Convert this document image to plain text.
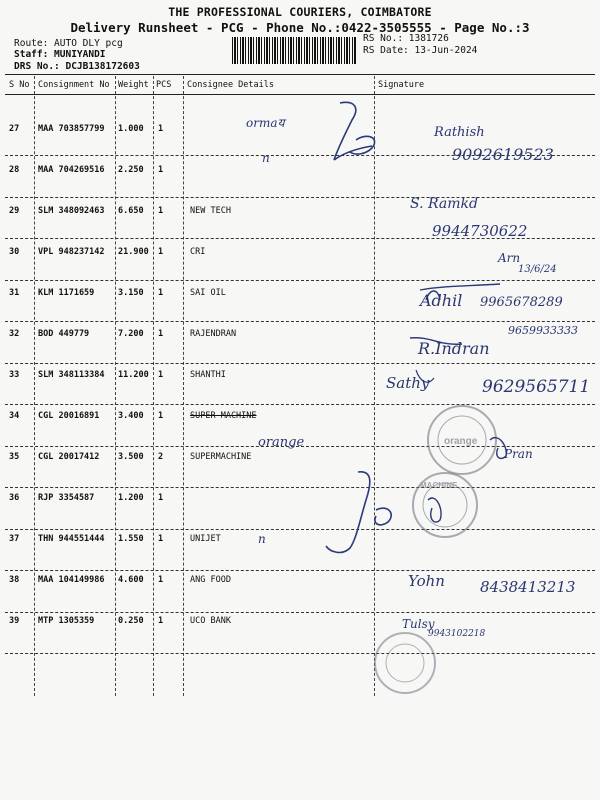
THE PROFESSIONAL COURIERS, COIMBATORE
Delivery Runsheet - PCG - Phone No.:0422-3505555 - Page No.:3
Route: AUTO DLY pcg
Staff: MUNIYANDI
DRS No.: DCJB138172603
RS No.: 1381726
RS Date: 13-Jun-2024
S No Consignment No Weight PCS Consignee Details	Signature
27 MAA 703857799 1.000 1
28 MAA 704269516 2.250 1
29 SLM 348092463 6.650 1	NEW TECH
30 VPL 948237142 21.900 1	CRI
31 KLM 1171659	3.150 1	SAI OIL
32 BOD 449779	7.200 1	RAJENDRAN
33 SLM 348113384 11.200 1	SHANTHI
34 CGL 20016891 3.400 1	SUPER MACHINE
35 CGL 20017412 3.500 2	SUPERMACHINE
36 RJP 3354587	1.200 1
37 THN 944551444 1.550 1	UNIJET
38 MAA 104149986 4.600 1	ANG FOOD
39 MTP 1305359	0.250 1	UCO BANK
orange
MACHINE
ormaय
Rathish
n	9092619523
S. Ramkd
9944730622
Arn
13/6/24
Adhil 9965678289
9659933333
R.Indran
Sathy	9629565711
orange
Pran
n
Yohn 8438413213
Tulsy
9943102218
